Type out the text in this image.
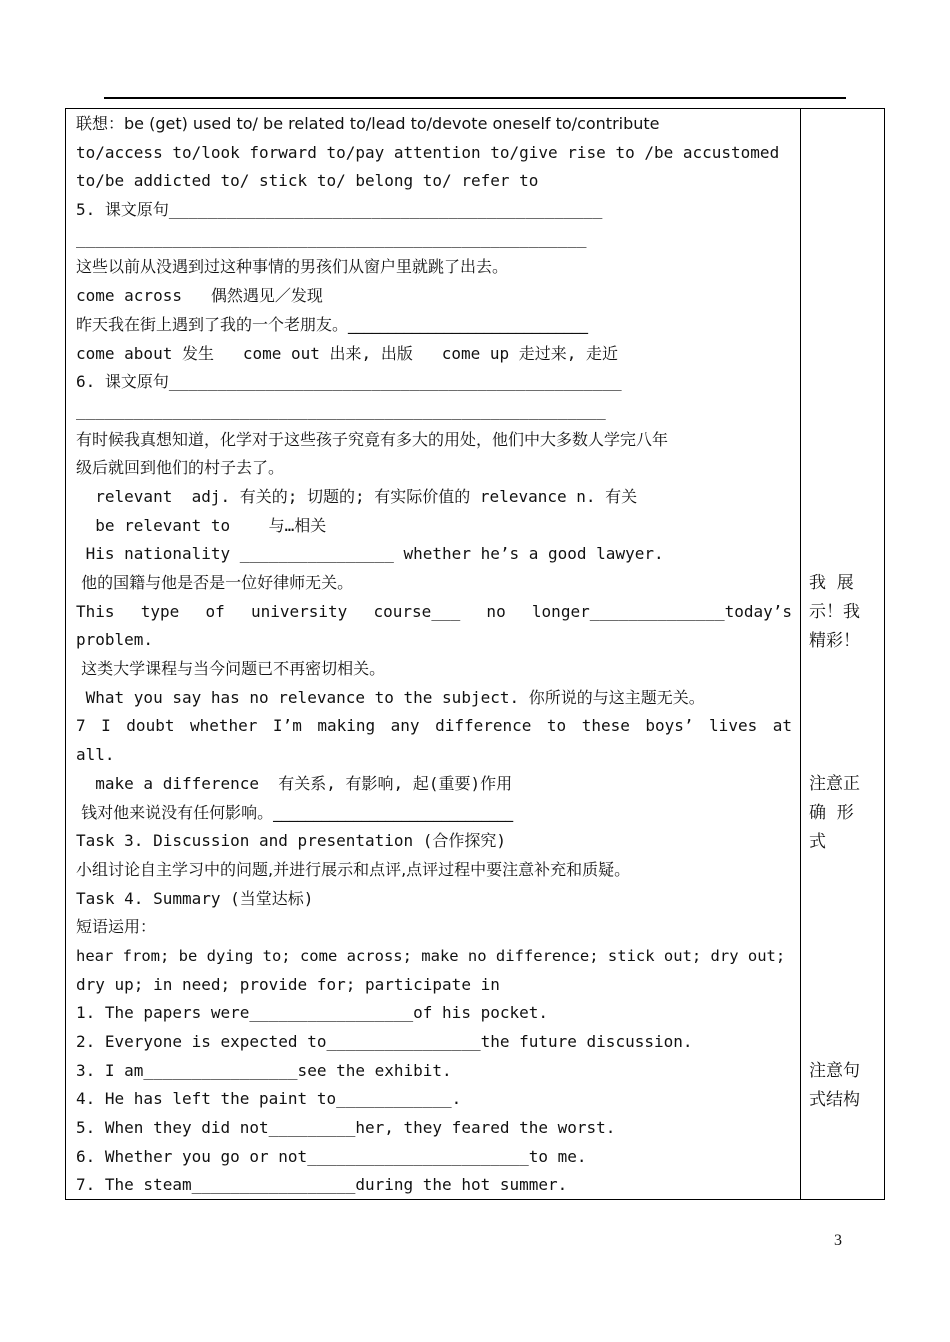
联想：be (get) used to/ be related to/lead to/devote oneself to/contribute
to/access to/look forward to/pay attention to/give rise to /be accustomed
to/be addicted to/ stick to/ belong to/ refer to
5. 课文原句_____________________________________________
_____________________________________________________
这些以前从没遇到过这种事情的男孩们从窗户里就跳了出去。
come across   偶然遇见／发现
昨天我在街上遇到了我的一个老朋友。______________________________
come about 发生   come out 出来, 出版   come up 走过来, 走近
6. 课文原句_______________________________________________
_______________________________________________________
有时候我真想知道，化学对于这些孩子究竟有多大的用处，他们中大多数人学完八年
级后就回到他们的村子去了。
relevant  adj. 有关的; 切题的; 有实际价值的 relevance n. 有关
be relevant to    与…相关
His nationality ________________ whether he’s a good lawyer.
他的国籍与他是否是一位好律师无关。
This type of university course___ no longer______________today’s
problem.
这类大学课程与当今问题已不再密切相关。
What you say has no relevance to the subject. 你所说的与这主题无关。
7 I doubt whether I’m making any difference to these boys’ lives at
all.
make a difference  有关系, 有影响, 起(重要)作用
钱对他来说没有任何影响。______________________________
Task 3. Discussion and presentation (合作探究)
小组讨论自主学习中的问题,并进行展示和点评,点评过程中要注意补充和质疑。
Task 4. Summary (当堂达标)
短语运用：
hear from; be dying to; come across; make no difference; stick out; dry out;
dry up; in need; provide for; participate in
1. The papers were_________________of his pocket.
2. Everyone is expected to________________the future discussion.
3. I am________________see the exhibit.
4. He has left the paint to____________.
5. When they did not_________her, they feared the worst.
6. Whether you go or not_______________________to me.
7. The steam_________________during the hot summer.
我  展
示！我
精彩！
注意正
确  形
式
注意句
式结构
3
